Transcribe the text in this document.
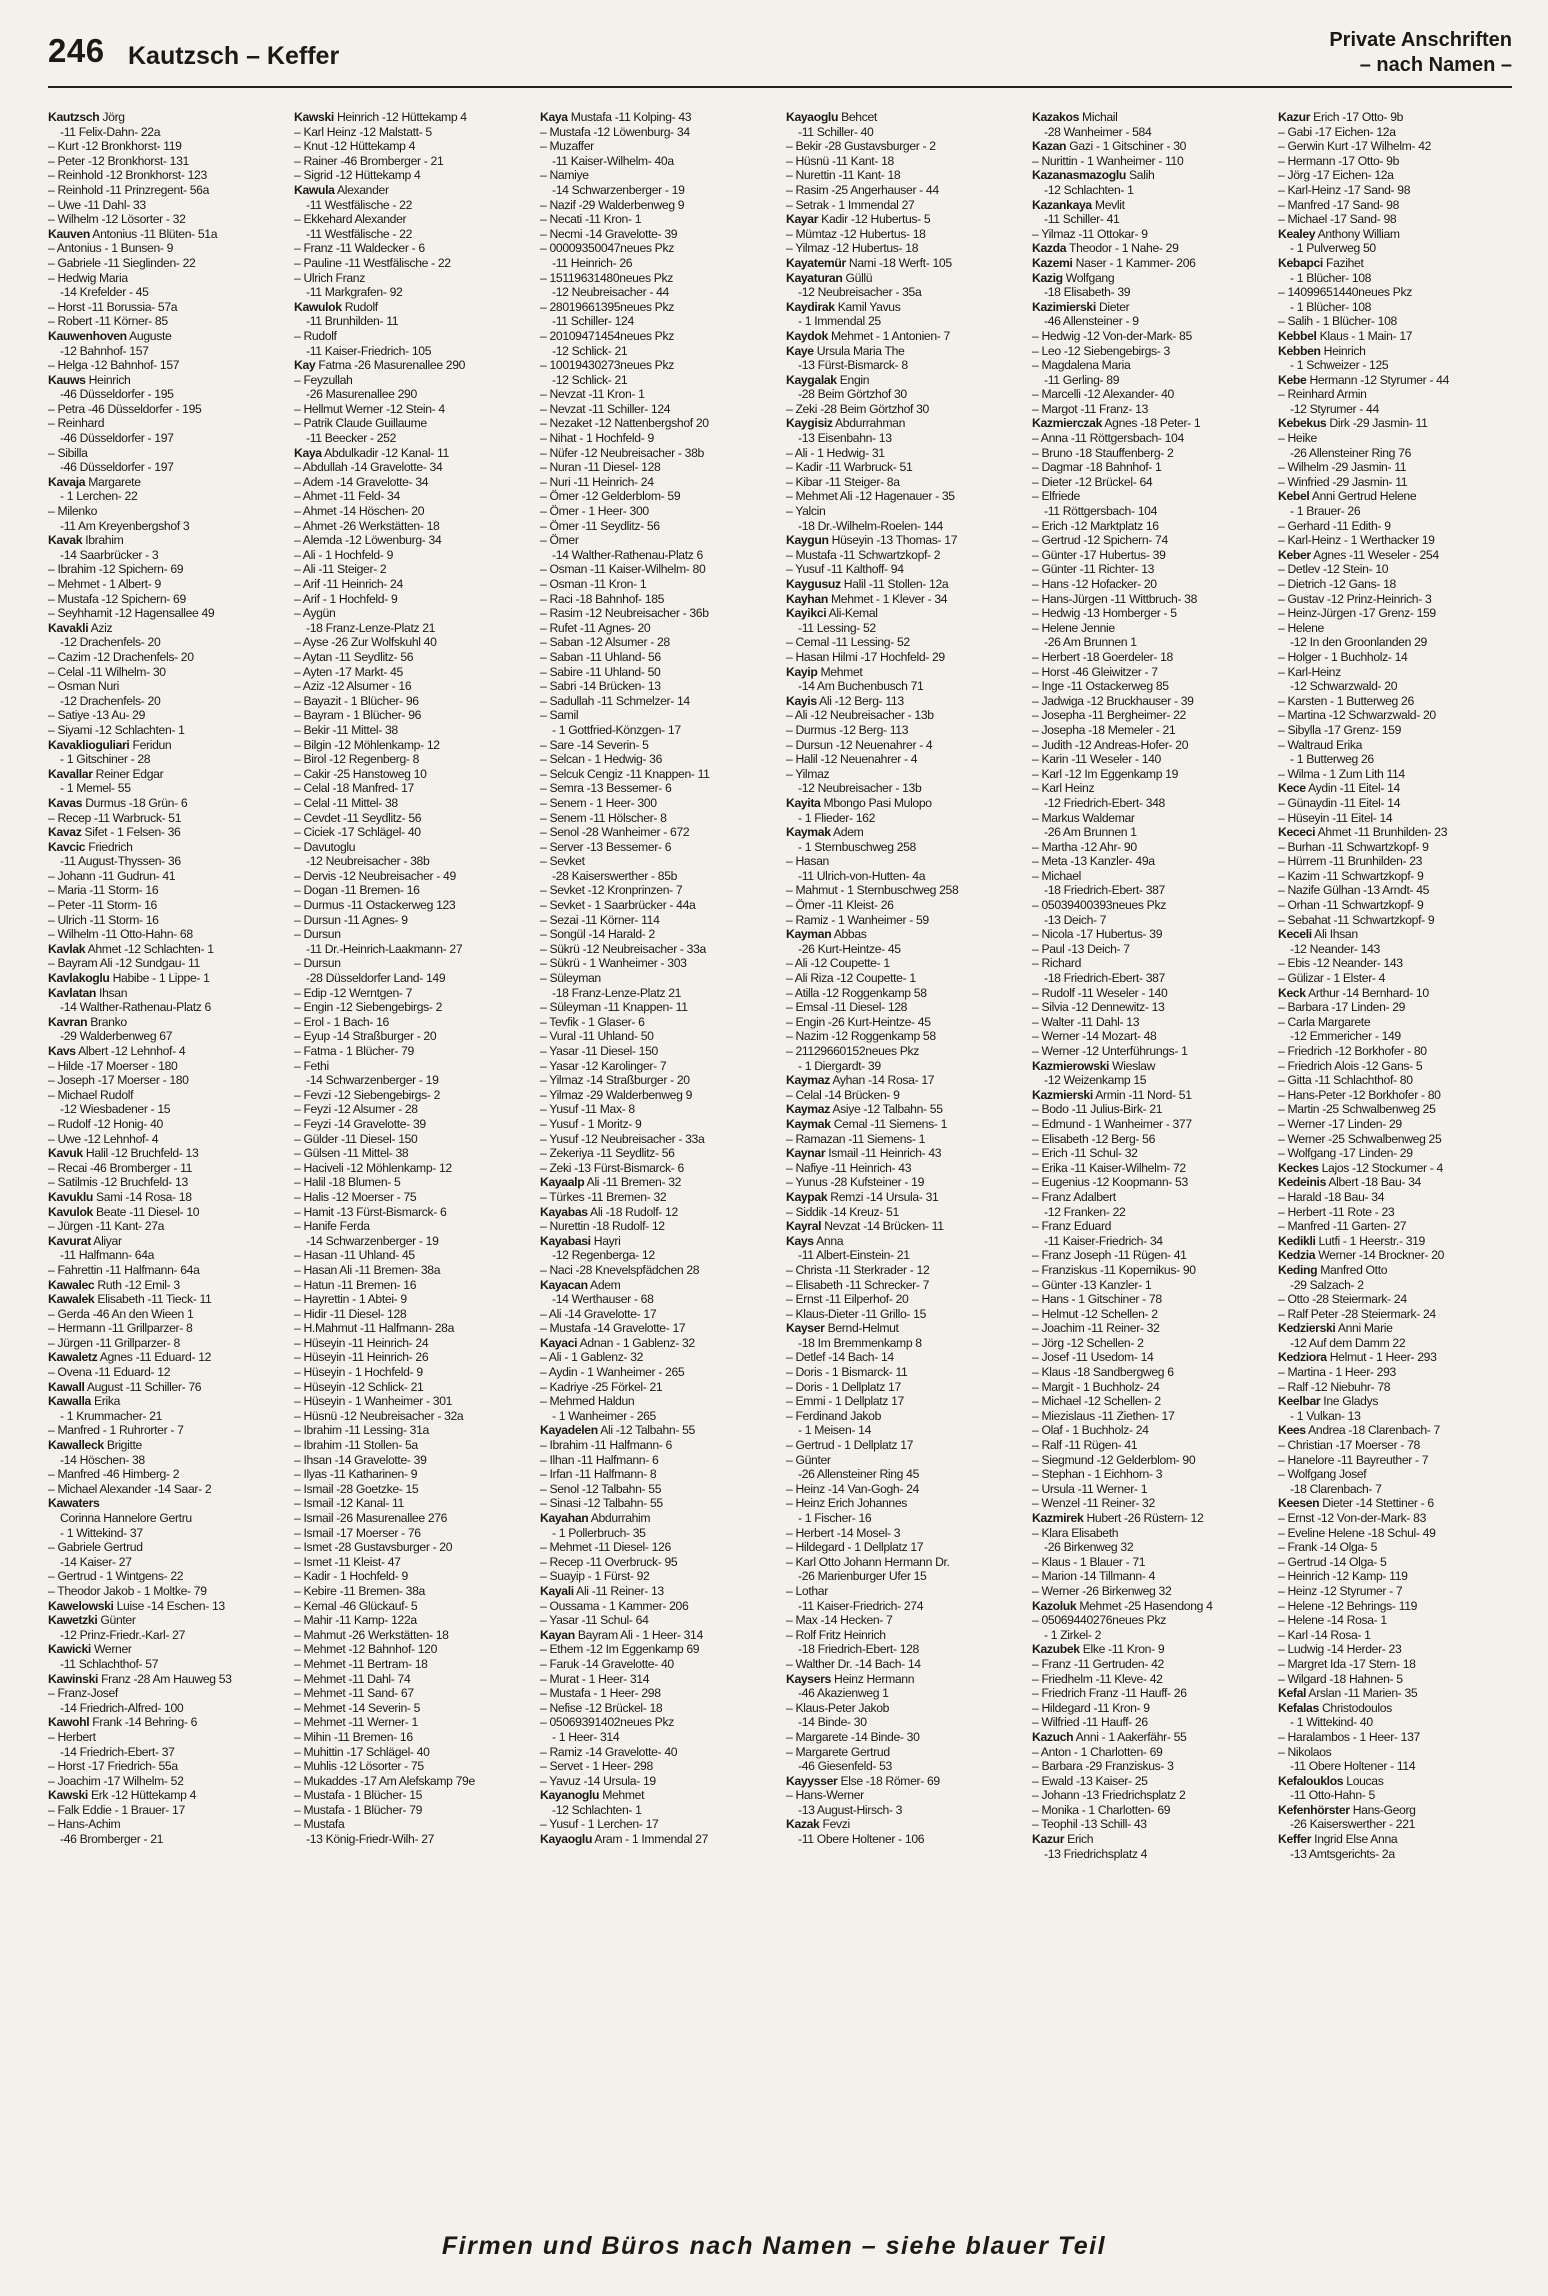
246 Kautzsch – Keffer
Private Anschriften
– nach Namen –
Kautzsch Jörg
-11 Felix-Dahn- 22a
– Kurt -12 Bronkhorst- 119
– Peter -12 Bronkhorst- 131
– Reinhold -12 Bronkhorst- 123
– Reinhold -11 Prinzregent- 56a
– Uwe -11 Dahl- 33
– Wilhelm -12 Lösorter - 32
Kauven Antonius -11 Blüten- 51a
– Antonius - 1 Bunsen- 9
– Gabriele -11 Sieglinden- 22
– Hedwig Maria
-14 Krefelder - 45
– Horst -11 Borussia- 57a
– Robert -11 Körner- 85
Kauwenhoven Auguste
-12 Bahnhof- 157
– Helga -12 Bahnhof- 157
Kauws Heinrich
-46 Düsseldorfer - 195
– Petra -46 Düsseldorfer - 195
– Reinhard
-46 Düsseldorfer - 197
– Sibilla
-46 Düsseldorfer - 197
Kavaja Margarete
- 1 Lerchen- 22
– Milenko
-11 Am Kreyenbergshof 3
Kavak Ibrahim
-14 Saarbrücker - 3
– Ibrahim -12 Spichern- 69
– Mehmet - 1 Albert- 9
– Mustafa -12 Spichern- 69
– Seyhhamit -12 Hagensallee 49
Kavakli Aziz
-12 Drachenfels- 20
– Cazim -12 Drachenfels- 20
– Celal -11 Wilhelm- 30
– Osman Nuri
-12 Drachenfels- 20
– Satiye -13 Au- 29
– Siyami -12 Schlachten- 1
Kavaklioguliari Feridun
- 1 Gitschiner - 28
Kavallar Reiner Edgar
- 1 Memel- 55
Kavas Durmus -18 Grün- 6
– Recep -11 Warbruck- 51
Kavaz Sifet - 1 Felsen- 36
Kavcic Friedrich
-11 August-Thyssen- 36
– Johann -11 Gudrun- 41
– Maria -11 Storm- 16
– Peter -11 Storm- 16
– Ulrich -11 Storm- 16
– Wilhelm -11 Otto-Hahn- 68
Kavlak Ahmet -12 Schlachten- 1
– Bayram Ali -12 Sundgau- 11
Kavlakoglu Habibe - 1 Lippe- 1
Kavlatan Ihsan
-14 Walther-Rathenau-Platz 6
Kavran Branko
-29 Walderbenweg 67
Kavs Albert -12 Lehnhof- 4
– Hilde -17 Moerser - 180
– Joseph -17 Moerser - 180
– Michael Rudolf
-12 Wiesbadener - 15
– Rudolf -12 Honig- 40
– Uwe -12 Lehnhof- 4
Kavuk Halil -12 Bruchfeld- 13
– Recai -46 Bromberger - 11
– Satilmis -12 Bruchfeld- 13
Kavuklu Sami -14 Rosa- 18
Kavulok Beate -11 Diesel- 10
– Jürgen -11 Kant- 27a
Kavurat Aliyar
-11 Halfmann- 64a
– Fahrettin -11 Halfmann- 64a
Kawalec Ruth -12 Emil- 3
Kawalek Elisabeth -11 Tieck- 11
– Gerda -46 An den Wieen 1
– Hermann -11 Grillparzer- 8
– Jürgen -11 Grillparzer- 8
Kawaletz Agnes -11 Eduard- 12
– Ovena -11 Eduard- 12
Kawall August -11 Schiller- 76
Kawalla Erika
- 1 Krummacher- 21
– Manfred - 1 Ruhrorter - 7
Kawalleck Brigitte
-14 Höschen- 38
– Manfred -46 Himberg- 2
– Michael Alexander -14 Saar- 2
Kawaters
Corinna Hannelore Gertru
- 1 Wittekind- 37
– Gabriele Gertrud
-14 Kaiser- 27
– Gertrud - 1 Wintgens- 22
– Theodor Jakob - 1 Moltke- 79
Kawelowski Luise -14 Eschen- 13
Kawetzki Günter
-12 Prinz-Friedr.-Karl- 27
Kawicki Werner
-11 Schlachthof- 57
Kawinski Franz -28 Am Hauweg 53
– Franz-Josef
-14 Friedrich-Alfred- 100
Kawohl Frank -14 Behring- 6
– Herbert
-14 Friedrich-Ebert- 37
– Horst -17 Friedrich- 55a
– Joachim -17 Wilhelm- 52
Kawski Erk -12 Hüttekamp 4
– Falk Eddie - 1 Brauer- 17
– Hans-Achim
-46 Bromberger - 21
Kawski Heinrich -12 Hüttekamp 4
– Karl Heinz -12 Malstatt- 5
– Knut -12 Hüttekamp 4
– Rainer -46 Bromberger - 21
– Sigrid -12 Hüttekamp 4
Kawula Alexander
-11 Westfälische - 22
– Ekkehard Alexander
-11 Westfälische - 22
– Franz -11 Waldecker - 6
– Pauline -11 Westfälische - 22
– Ulrich Franz
-11 Markgrafen- 92
Kawulok Rudolf
-11 Brunhilden- 11
– Rudolf
-11 Kaiser-Friedrich- 105
Kay Fatma -26 Masurenallee 290
– Feyzullah
-26 Masurenallee 290
– Hellmut Werner -12 Stein- 4
– Patrik Claude Guillaume
-11 Beecker - 252
Kaya Abdulkadir -12 Kanal- 11
– Abdullah -14 Gravelotte- 34
– Adem -14 Gravelotte- 34
– Ahmet -11 Feld- 34
– Ahmet -14 Höschen- 20
– Ahmet -26 Werkstätten- 18
– Alemda -12 Löwenburg- 34
– Ali - 1 Hochfeld- 9
– Ali -11 Steiger- 2
– Arif -11 Heinrich- 24
– Arif - 1 Hochfeld- 9
– Aygün
-18 Franz-Lenze-Platz 21
– Ayse -26 Zur Wolfskuhl 40
– Aytan -11 Seydlitz- 56
– Ayten -17 Markt- 45
– Aziz -12 Alsumer - 16
– Bayazit - 1 Blücher- 96
– Bayram - 1 Blücher- 96
– Bekir -11 Mittel- 38
– Bilgin -12 Möhlenkamp- 12
– Birol -12 Regenberg- 8
– Cakir -25 Hanstoweg 10
– Celal -18 Manfred- 17
– Celal -11 Mittel- 38
– Cevdet -11 Seydlitz- 56
– Ciciek -17 Schlägel- 40
– Davutoglu
-12 Neubreisacher - 38b
– Dervis -12 Neubreisacher - 49
– Dogan -11 Bremen- 16
– Durmus -11 Ostackerweg 123
– Dursun -11 Agnes- 9
– Dursun
-11 Dr.-Heinrich-Laakmann- 27
– Dursun
-28 Düsseldorfer Land- 149
– Edip -12 Werntgen- 7
– Engin -12 Siebengebirgs- 2
– Erol - 1 Bach- 16
– Eyup -14 Straßburger - 20
– Fatma - 1 Blücher- 79
– Fethi
-14 Schwarzenberger - 19
– Fevzi -12 Siebengebirgs- 2
– Feyzi -12 Alsumer - 28
– Feyzi -14 Gravelotte- 39
– Gülder -11 Diesel- 150
– Gülsen -11 Mittel- 38
– Haciveli -12 Möhlenkamp- 12
– Halil -18 Blumen- 5
– Halis -12 Moerser - 75
– Hamit -13 Fürst-Bismarck- 6
– Hanife Ferda
-14 Schwarzenberger - 19
– Hasan -11 Uhland- 45
– Hasan Ali -11 Bremen- 38a
– Hatun -11 Bremen- 16
– Hayrettin - 1 Abtei- 9
– Hidir -11 Diesel- 128
– H.Mahmut -11 Halfmann- 28a
– Hüseyin -11 Heinrich- 24
– Hüseyin -11 Heinrich- 26
– Hüseyin - 1 Hochfeld- 9
– Hüseyin -12 Schlick- 21
– Hüseyin - 1 Wanheimer - 301
– Hüsnü -12 Neubreisacher - 32a
– Ibrahim -11 Lessing- 31a
– Ibrahim -11 Stollen- 5a
– Ihsan -14 Gravelotte- 39
– Ilyas -11 Katharinen- 9
– Ismail -28 Goetzke- 15
– Ismail -12 Kanal- 11
– Ismail -26 Masurenallee 276
– Ismail -17 Moerser - 76
– Ismet -28 Gustavsburger - 20
– Ismet -11 Kleist- 47
– Kadir - 1 Hochfeld- 9
– Kebire -11 Bremen- 38a
– Kemal -46 Glückauf- 5
– Mahir -11 Kamp- 122a
– Mahmut -26 Werkstätten- 18
– Mehmet -12 Bahnhof- 120
– Mehmet -11 Bertram- 18
– Mehmet -11 Dahl- 74
– Mehmet -11 Sand- 67
– Mehmet -14 Severin- 5
– Mehmet -11 Werner- 1
– Mihin -11 Bremen- 16
– Muhittin -17 Schlägel- 40
– Muhlis -12 Lösorter - 75
– Mukaddes -17 Am Alefskamp 79e
– Mustafa - 1 Blücher- 15
– Mustafa - 1 Blücher- 79
– Mustafa
-13 König-Friedr-Wilh- 27
Kaya Mustafa -11 Kolping- 43
– Mustafa -12 Löwenburg- 34
– Muzaffer
-11 Kaiser-Wilhelm- 40a
– Namiye
-14 Schwarzenberger - 19
– Nazif -29 Walderbenweg 9
– Necati -11 Kron- 1
– Necmi -14 Gravelotte- 39
– 00009350047neues Pkz
-11 Heinrich- 26
– 15119631480neues Pkz
-12 Neubreisacher - 44
– 28019661395neues Pkz
-11 Schiller- 124
– 20109471454neues Pkz
-12 Schlick- 21
– 10019430273neues Pkz
-12 Schlick- 21
– Nevzat -11 Kron- 1
– Nevzat -11 Schiller- 124
– Nezaket -12 Nattenbergshof 20
– Nihat - 1 Hochfeld- 9
– Nüfer -12 Neubreisacher - 38b
– Nuran -11 Diesel- 128
– Nuri -11 Heinrich- 24
– Ömer -12 Gelderblom- 59
– Ömer - 1 Heer- 300
– Ömer -11 Seydlitz- 56
– Ömer
-14 Walther-Rathenau-Platz 6
– Osman -11 Kaiser-Wilhelm- 80
– Osman -11 Kron- 1
– Raci -18 Bahnhof- 185
– Rasim -12 Neubreisacher - 36b
– Rufet -11 Agnes- 20
– Saban -12 Alsumer - 28
– Saban -11 Uhland- 56
– Sabire -11 Uhland- 50
– Sabri -14 Brücken- 13
– Sadullah -11 Schmelzer- 14
– Samil
- 1 Gottfried-Könzgen- 17
– Sare -14 Severin- 5
– Selcan - 1 Hedwig- 36
– Selcuk Cengiz -11 Knappen- 11
– Semra -13 Bessemer- 6
– Senem - 1 Heer- 300
– Senem -11 Hölscher- 8
– Senol -28 Wanheimer - 672
– Server -13 Bessemer- 6
– Sevket
-28 Kaiserswerther - 85b
– Sevket -12 Kronprinzen- 7
– Sevket - 1 Saarbrücker - 44a
– Sezai -11 Körner- 114
– Songül -14 Harald- 2
– Sükrü -12 Neubreisacher - 33a
– Sükrü - 1 Wanheimer - 303
– Süleyman
-18 Franz-Lenze-Platz 21
– Süleyman -11 Knappen- 11
– Tevfik - 1 Glaser- 6
– Vural -11 Uhland- 50
– Yasar -11 Diesel- 150
– Yasar -12 Karolinger- 7
– Yilmaz -14 Straßburger - 20
– Yilmaz -29 Walderbenweg 9
– Yusuf -11 Max- 8
– Yusuf - 1 Moritz- 9
– Yusuf -12 Neubreisacher - 33a
– Zekeriya -11 Seydlitz- 56
– Zeki -13 Fürst-Bismarck- 6
Kayaalp Ali -11 Bremen- 32
– Türkes -11 Bremen- 32
Kayabas Ali -18 Rudolf- 12
– Nurettin -18 Rudolf- 12
Kayabasi Hayri
-12 Regenberga- 12
– Naci -28 Knevelspfädchen 28
Kayacan Adem
-14 Werthauser - 68
– Ali -14 Gravelotte- 17
– Mustafa -14 Gravelotte- 17
Kayaci Adnan - 1 Gablenz- 32
– Ali - 1 Gablenz- 32
– Aydin - 1 Wanheimer - 265
– Kadriye -25 Förkel- 21
– Mehmed Haldun
- 1 Wanheimer - 265
Kayadelen Ali -12 Talbahn- 55
– Ibrahim -11 Halfmann- 6
– Ilhan -11 Halfmann- 6
– Irfan -11 Halfmann- 8
– Senol -12 Talbahn- 55
– Sinasi -12 Talbahn- 55
Kayahan Abdurrahim
- 1 Pollerbruch- 35
– Mehmet -11 Diesel- 126
– Recep -11 Overbruck- 95
– Suayip - 1 Fürst- 92
Kayali Ali -11 Reiner- 13
– Oussama - 1 Kammer- 206
– Yasar -11 Schul- 64
Kayan Bayram Ali - 1 Heer- 314
– Ethem -12 Im Eggenkamp 69
– Faruk -14 Gravelotte- 40
– Murat - 1 Heer- 314
– Mustafa - 1 Heer- 298
– Nefise -12 Brückel- 18
– 05069391402neues Pkz
- 1 Heer- 314
– Ramiz -14 Gravelotte- 40
– Servet - 1 Heer- 298
– Yavuz -14 Ursula- 19
Kayanoglu Mehmet
-12 Schlachten- 1
– Yusuf - 1 Lerchen- 17
Kayaoglu Aram - 1 Immendal 27
Kayaoglu Behcet
-11 Schiller- 40
– Bekir -28 Gustavsburger - 2
– Hüsnü -11 Kant- 18
– Nurettin -11 Kant- 18
– Rasim -25 Angerhauser - 44
– Setrak - 1 Immendal 27
Kayar Kadir -12 Hubertus- 5
– Mümtaz -12 Hubertus- 18
– Yilmaz -12 Hubertus- 18
Kayatemür Nami -18 Werft- 105
Kayaturan Güllü
-12 Neubreisacher - 35a
Kaydirak Kamil Yavus
- 1 Immendal 25
Kaydok Mehmet - 1 Antonien- 7
Kaye Ursula Maria The
-13 Fürst-Bismarck- 8
Kaygalak Engin
-28 Beim Görtzhof 30
– Zeki -28 Beim Görtzhof 30
Kaygisiz Abdurrahman
-13 Eisenbahn- 13
– Ali - 1 Hedwig- 31
– Kadir -11 Warbruck- 51
– Kibar -11 Steiger- 8a
– Mehmet Ali -12 Hagenauer - 35
– Yalcin
-18 Dr.-Wilhelm-Roelen- 144
Kaygun Hüseyin -13 Thomas- 17
– Mustafa -11 Schwartzkopf- 2
– Yusuf -11 Kalthoff- 94
Kaygusuz Halil -11 Stollen- 12a
Kayhan Mehmet - 1 Klever - 34
Kayikci Ali-Kemal
-11 Lessing- 52
– Cemal -11 Lessing- 52
– Hasan Hilmi -17 Hochfeld- 29
Kayip Mehmet
-14 Am Buchenbusch 71
Kayis Ali -12 Berg- 113
– Ali -12 Neubreisacher - 13b
– Durmus -12 Berg- 113
– Dursun -12 Neuenahrer - 4
– Halil -12 Neuenahrer - 4
– Yilmaz
-12 Neubreisacher - 13b
Kayita Mbongo Pasi Mulopo
- 1 Flieder- 162
Kaymak Adem
- 1 Sternbuschweg 258
– Hasan
-11 Ulrich-von-Hutten- 4a
– Mahmut - 1 Sternbuschweg 258
– Ömer -11 Kleist- 26
– Ramiz - 1 Wanheimer - 59
Kayman Abbas
-26 Kurt-Heintze- 45
– Ali -12 Coupette- 1
– Ali Riza -12 Coupette- 1
– Atilla -12 Roggenkamp 58
– Emsal -11 Diesel- 128
– Engin -26 Kurt-Heintze- 45
– Nazim -12 Roggenkamp 58
– 21129660152neues Pkz
- 1 Diergardt- 39
Kaymaz Ayhan -14 Rosa- 17
– Celal -14 Brücken- 9
Kaymaz Asiye -12 Talbahn- 55
Kaymak Cemal -11 Siemens- 1
– Ramazan -11 Siemens- 1
Kaynar Ismail -11 Heinrich- 43
– Nafiye -11 Heinrich- 43
– Yunus -28 Kufsteiner - 19
Kaypak Remzi -14 Ursula- 31
– Siddik -14 Kreuz- 51
Kayral Nevzat -14 Brücken- 11
Kays Anna
-11 Albert-Einstein- 21
– Christa -11 Sterkrader - 12
– Elisabeth -11 Schrecker- 7
– Ernst -11 Eilperhof- 20
– Klaus-Dieter -11 Grillo- 15
Kayser Bernd-Helmut
-18 Im Bremmenkamp 8
– Detlef -14 Bach- 14
– Doris - 1 Bismarck- 11
– Doris - 1 Dellplatz 17
– Emmi - 1 Dellplatz 17
– Ferdinand Jakob
- 1 Meisen- 14
– Gertrud - 1 Dellplatz 17
– Günter
-26 Allensteiner Ring 45
– Heinz -14 Van-Gogh- 24
– Heinz Erich Johannes
- 1 Fischer- 16
– Herbert -14 Mosel- 3
– Hildegard - 1 Dellplatz 17
– Karl Otto Johann Hermann Dr.
-26 Marienburger Ufer 15
– Lothar
-11 Kaiser-Friedrich- 274
– Max -14 Hecken- 7
– Rolf Fritz Heinrich
-18 Friedrich-Ebert- 128
– Walther Dr. -14 Bach- 14
Kaysers Heinz Hermann
-46 Akazienweg 1
– Klaus-Peter Jakob
-14 Binde- 30
– Margarete -14 Binde- 30
– Margarete Gertrud
-46 Giesenfeld- 53
Kayysser Else -18 Römer- 69
– Hans-Werner
-13 August-Hirsch- 3
Kazak Fevzi
-11 Obere Holtener - 106
Kazakos Michail
-28 Wanheimer - 584
Kazan Gazi - 1 Gitschiner - 30
– Nurittin - 1 Wanheimer - 110
Kazanasmazoglu Salih
-12 Schlachten- 1
Kazankaya Mevlit
-11 Schiller- 41
– Yilmaz -11 Ottokar- 9
Kazda Theodor - 1 Nahe- 29
Kazemi Naser - 1 Kammer- 206
Kazig Wolfgang
-18 Elisabeth- 39
Kazimierski Dieter
-46 Allensteiner - 9
– Hedwig -12 Von-der-Mark- 85
– Leo -12 Siebengebirgs- 3
– Magdalena Maria
-11 Gerling- 89
– Marcelli -12 Alexander- 40
– Margot -11 Franz- 13
Kazmierczak Agnes -18 Peter- 1
– Anna -11 Röttgersbach- 104
– Bruno -18 Stauffenberg- 2
– Dagmar -18 Bahnhof- 1
– Dieter -12 Brückel- 64
– Elfriede
-11 Röttgersbach- 104
– Erich -12 Marktplatz 16
– Gertrud -12 Spichern- 74
– Günter -17 Hubertus- 39
– Günter -11 Richter- 13
– Hans -12 Hofacker- 20
– Hans-Jürgen -11 Wittbruch- 38
– Hedwig -13 Homberger - 5
– Helene Jennie
-26 Am Brunnen 1
– Herbert -18 Goerdeler- 18
– Horst -46 Gleiwitzer - 7
– Inge -11 Ostackerweg 85
– Jadwiga -12 Bruckhauser - 39
– Josepha -11 Bergheimer- 22
– Josepha -18 Memeler - 21
– Judith -12 Andreas-Hofer- 20
– Karin -11 Weseler - 140
– Karl -12 Im Eggenkamp 19
– Karl Heinz
-12 Friedrich-Ebert- 348
– Markus Waldemar
-26 Am Brunnen 1
– Martha -12 Ahr- 90
– Meta -13 Kanzler- 49a
– Michael
-18 Friedrich-Ebert- 387
– 05039400393neues Pkz
-13 Deich- 7
– Nicola -17 Hubertus- 39
– Paul -13 Deich- 7
– Richard
-18 Friedrich-Ebert- 387
– Rudolf -11 Weseler - 140
– Silvia -12 Dennewitz- 13
– Walter -11 Dahl- 13
– Werner -14 Mozart- 48
– Werner -12 Unterführungs- 1
Kazmierowski Wieslaw
-12 Weizenkamp 15
Kazmierski Armin -11 Nord- 51
– Bodo -11 Julius-Birk- 21
– Edmund - 1 Wanheimer - 377
– Elisabeth -12 Berg- 56
– Erich -11 Schul- 32
– Erika -11 Kaiser-Wilhelm- 72
– Eugenius -12 Koopmann- 53
– Franz Adalbert
-12 Franken- 22
– Franz Eduard
-11 Kaiser-Friedrich- 34
– Franz Joseph -11 Rügen- 41
– Franziskus -11 Kopernikus- 90
– Günter -13 Kanzler- 1
– Hans - 1 Gitschiner - 78
– Helmut -12 Schellen- 2
– Joachim -11 Reiner- 32
– Jörg -12 Schellen- 2
– Josef -11 Usedom- 14
– Klaus -18 Sandbergweg 6
– Margit - 1 Buchholz- 24
– Michael -12 Schellen- 2
– Miezislaus -11 Ziethen- 17
– Olaf - 1 Buchholz- 24
– Ralf -11 Rügen- 41
– Siegmund -12 Gelderblom- 90
– Stephan - 1 Eichhorn- 3
– Ursula -11 Werner- 1
– Wenzel -11 Reiner- 32
Kazmirek Hubert -26 Rüstern- 12
– Klara Elisabeth
-26 Birkenweg 32
– Klaus - 1 Blauer - 71
– Marion -14 Tillmann- 4
– Werner -26 Birkenweg 32
Kazoluk Mehmet -25 Hasendong 4
– 05069440276neues Pkz
- 1 Zirkel- 2
Kazubek Elke -11 Kron- 9
– Franz -11 Gertruden- 42
– Friedhelm -11 Kleve- 42
– Friedrich Franz -11 Hauff- 26
– Hildegard -11 Kron- 9
– Wilfried -11 Hauff- 26
Kazuch Anni - 1 Aakerfähr- 55
– Anton - 1 Charlotten- 69
– Barbara -29 Franziskus- 3
– Ewald -13 Kaiser- 25
– Johann -13 Friedrichsplatz 2
– Monika - 1 Charlotten- 69
– Teophil -13 Schill- 43
Kazur Erich
-13 Friedrichsplatz 4
Kazur Erich -17 Otto- 9b
– Gabi -17 Eichen- 12a
– Gerwin Kurt -17 Wilhelm- 42
– Hermann -17 Otto- 9b
– Jörg -17 Eichen- 12a
– Karl-Heinz -17 Sand- 98
– Manfred -17 Sand- 98
– Michael -17 Sand- 98
Kealey Anthony William
- 1 Pulverweg 50
Kebapci Fazihet
- 1 Blücher- 108
– 14099651440neues Pkz
- 1 Blücher- 108
– Salih - 1 Blücher- 108
Kebbel Klaus - 1 Main- 17
Kebben Heinrich
- 1 Schweizer - 125
Kebe Hermann -12 Styrumer - 44
– Reinhard Armin
-12 Styrumer - 44
Kebekus Dirk -29 Jasmin- 11
– Heike
-26 Allensteiner Ring 76
– Wilhelm -29 Jasmin- 11
– Winfried -29 Jasmin- 11
Kebel Anni Gertrud Helene
- 1 Brauer- 26
– Gerhard -11 Edith- 9
– Karl-Heinz - 1 Werthacker 19
Keber Agnes -11 Weseler - 254
– Detlev -12 Stein- 10
– Dietrich -12 Gans- 18
– Gustav -12 Prinz-Heinrich- 3
– Heinz-Jürgen -17 Grenz- 159
– Helene
-12 In den Groonlanden 29
– Holger - 1 Buchholz- 14
– Karl-Heinz
-12 Schwarzwald- 20
– Karsten - 1 Butterweg 26
– Martina -12 Schwarzwald- 20
– Sibylla -17 Grenz- 159
– Waltraud Erika
- 1 Butterweg 26
– Wilma - 1 Zum Lith 114
Kece Aydin -11 Eitel- 14
– Günaydin -11 Eitel- 14
– Hüseyin -11 Eitel- 14
Kececi Ahmet -11 Brunhilden- 23
– Burhan -11 Schwartzkopf- 9
– Hürrem -11 Brunhilden- 23
– Kazim -11 Schwartzkopf- 9
– Nazife Gülhan -13 Arndt- 45
– Orhan -11 Schwartzkopf- 9
– Sebahat -11 Schwartzkopf- 9
Keceli Ali Ihsan
-12 Neander- 143
– Ebis -12 Neander- 143
– Gülizar - 1 Elster- 4
Keck Arthur -14 Bernhard- 10
– Barbara -17 Linden- 29
– Carla Margarete
-12 Emmericher - 149
– Friedrich -12 Borkhofer - 80
– Friedrich Alois -12 Gans- 5
– Gitta -11 Schlachthof- 80
– Hans-Peter -12 Borkhofer - 80
– Martin -25 Schwalbenweg 25
– Werner -17 Linden- 29
– Werner -25 Schwalbenweg 25
– Wolfgang -17 Linden- 29
Keckes Lajos -12 Stockumer - 4
Kedeinis Albert -18 Bau- 34
– Harald -18 Bau- 34
– Herbert -11 Rote - 23
– Manfred -11 Garten- 27
Kedikli Lutfi - 1 Heerstr.- 319
Kedzia Werner -14 Brockner- 20
Keding Manfred Otto
-29 Salzach- 2
– Otto -28 Steiermark- 24
– Ralf Peter -28 Steiermark- 24
Kedzierski Anni Marie
-12 Auf dem Damm 22
Kedziora Helmut - 1 Heer- 293
– Martina - 1 Heer- 293
– Ralf -12 Niebuhr- 78
Keelbar Ine Gladys
- 1 Vulkan- 13
Kees Andrea -18 Clarenbach- 7
– Christian -17 Moerser - 78
– Hanelore -11 Bayreuther - 7
– Wolfgang Josef
-18 Clarenbach- 7
Keesen Dieter -14 Stettiner - 6
– Ernst -12 Von-der-Mark- 83
– Eveline Helene -18 Schul- 49
– Frank -14 Olga- 5
– Gertrud -14 Olga- 5
– Heinrich -12 Kamp- 119
– Heinz -12 Styrumer - 7
– Helene -12 Behrings- 119
– Helene -14 Rosa- 1
– Karl -14 Rosa- 1
– Ludwig -14 Herder- 23
– Margret Ida -17 Stern- 18
– Wilgard -18 Hahnen- 5
Kefal Arslan -11 Marien- 35
Kefalas Christodoulos
- 1 Wittekind- 40
– Haralambos - 1 Heer- 137
– Nikolaos
-11 Obere Holtener - 114
Kefalouklos Loucas
-11 Otto-Hahn- 5
Kefenhörster Hans-Georg
-26 Kaiserswerther - 221
Keffer Ingrid Else Anna
-13 Amtsgerichts- 2a
Firmen und Büros nach Namen – siehe blauer Teil
